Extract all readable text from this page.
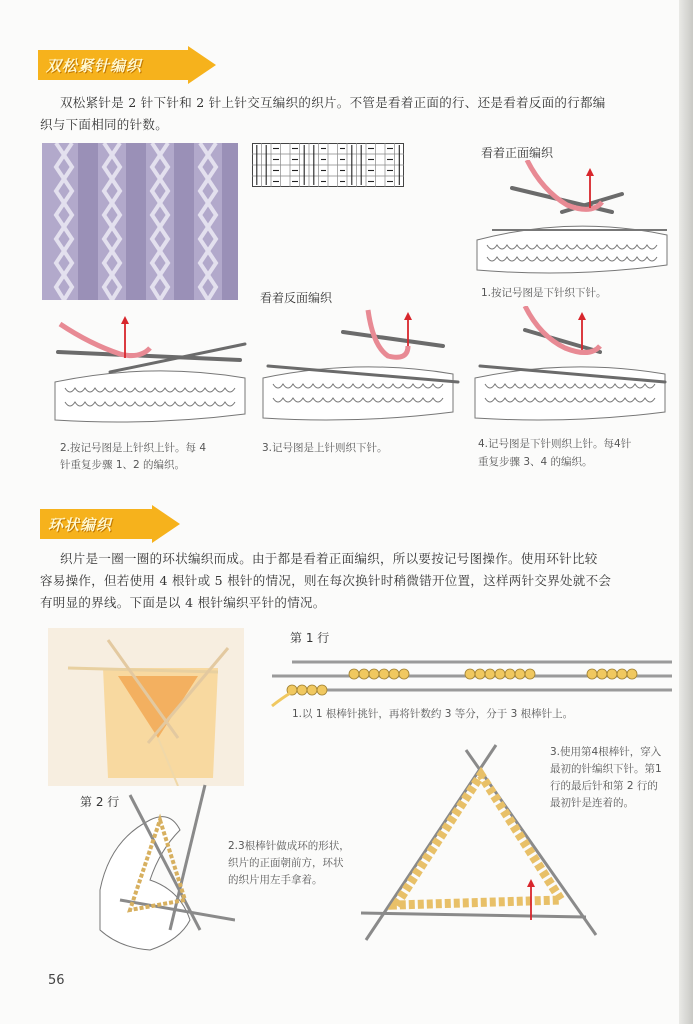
双松紧针编织
双松紧针是 2 针下针和 2 针上针交互编织的织片。不管是看着正面的行、还是看着反面的行都编
织与下面相同的针数。
看着正面编织
看着反面编织	1.按记号图是下针织下针。
2.按记号图是上针织上针。每 4
针重复步骤 1、2 的编织。
3.记号图是上针则织下针。	4.记号图是下针则织上针。每4针
重复步骤 3、4 的编织。
环状编织
织片是一圈一圈的环状编织而成。由于都是看着正面编织，所以要按记号图操作。使用环针比较
容易操作，但若使用 4 根针或 5 根针的情况，则在每次换针时稍微错开位置，这样两针交界处就不会
有明显的界线。下面是以 4 根针编织平针的情况。
第 1 行
1.以 1 根棒针挑针，再将针数约 3 等分，分于 3 根棒针上。
第 2 行
2.3根棒针做成环的形状，
织片的正面朝前方，环状
的织片用左手拿着。
3.使用第4根棒针，穿入
最初的针编织下针。第1
行的最后针和第 2 行的
最初针是连着的。
56
